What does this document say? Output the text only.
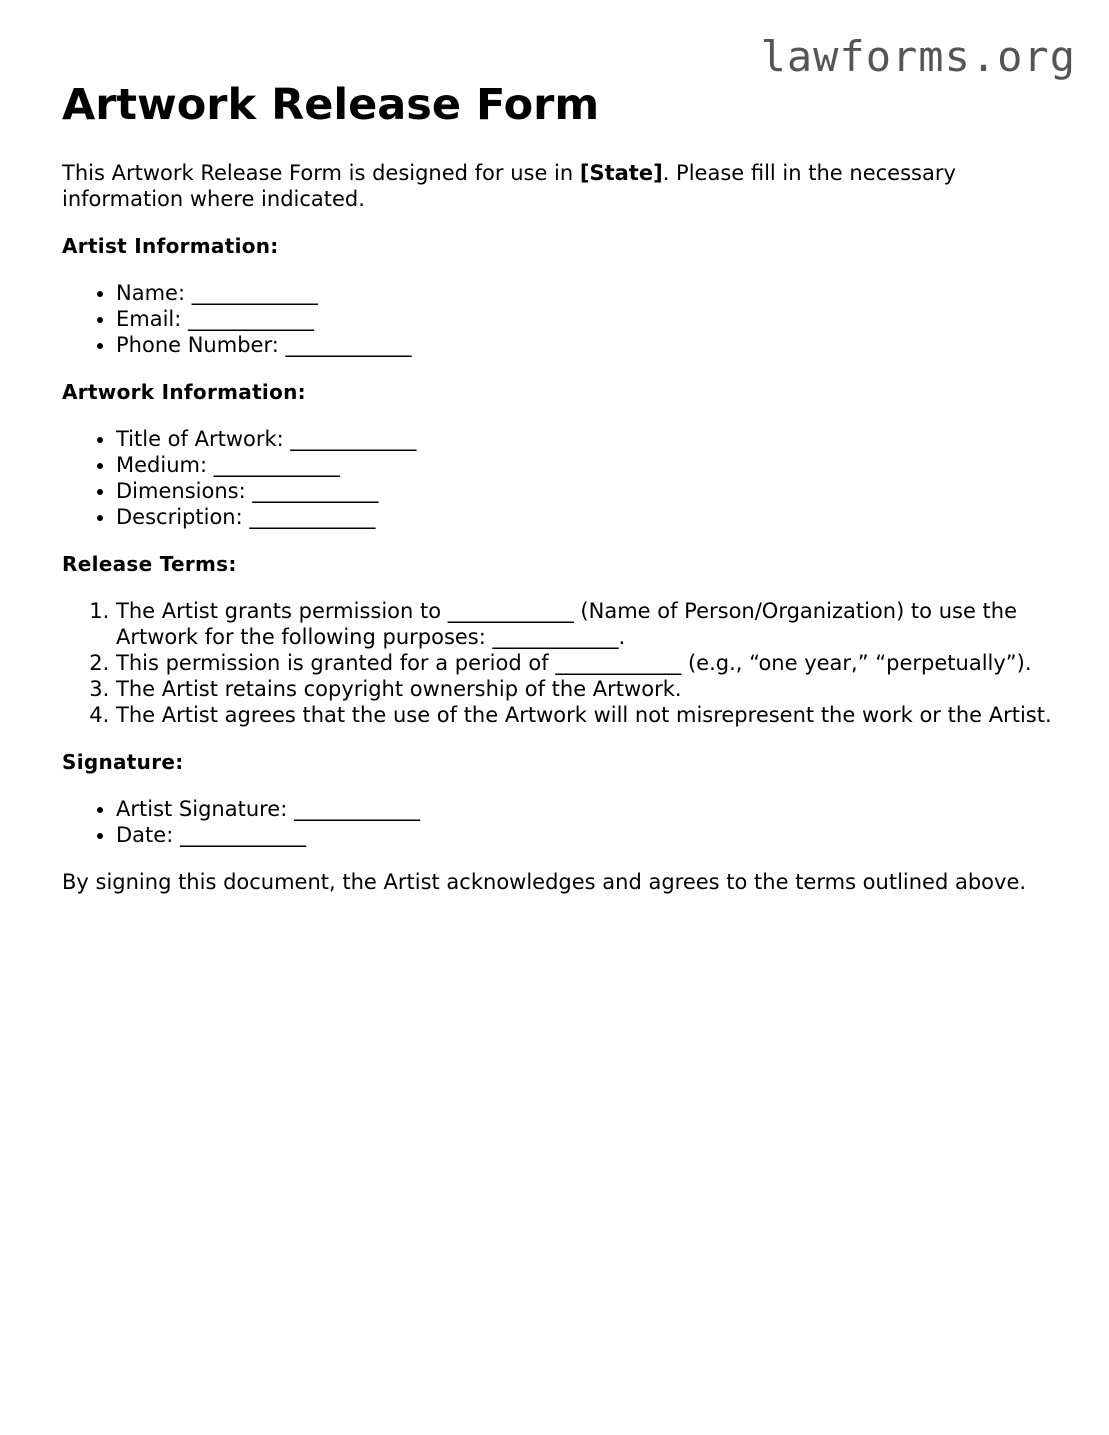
lawforms.org
Artwork Release Form

This Artwork Release Form is designed for use in [State]. Please fill in the necessary information where indicated.

Artist Information:
• Name: ____________
• Email: ____________
• Phone Number: ____________
Artwork Information:
• Title of Artwork: ____________
• Medium: ____________
• Dimensions: ____________
• Description: ____________
Release Terms:
1. The Artist grants permission to ____________ (Name of Person/Organization) to use the Artwork for the following purposes: ____________.
2. This permission is granted for a period of ____________ (e.g., “one year,” “perpetually”).
3. The Artist retains copyright ownership of the Artwork.
4. The Artist agrees that the use of the Artwork will not misrepresent the work or the Artist.
Signature:
• Artist Signature: ____________
• Date: ____________

By signing this document, the Artist acknowledges and agrees to the terms outlined above.
